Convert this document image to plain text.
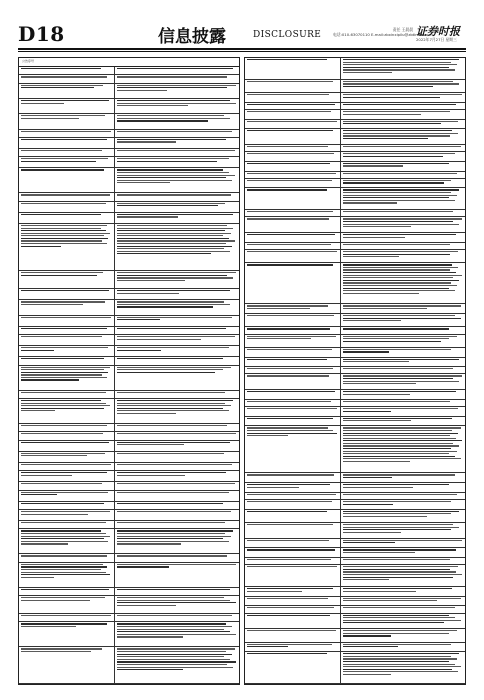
D18	信息披露	DISCLOSURE
责任 王晨晨
电话:010-63070110 E-mail:zbxinxipilu@zbtimes.com
证券时报
2022年7月27日 星期三
公告序号
